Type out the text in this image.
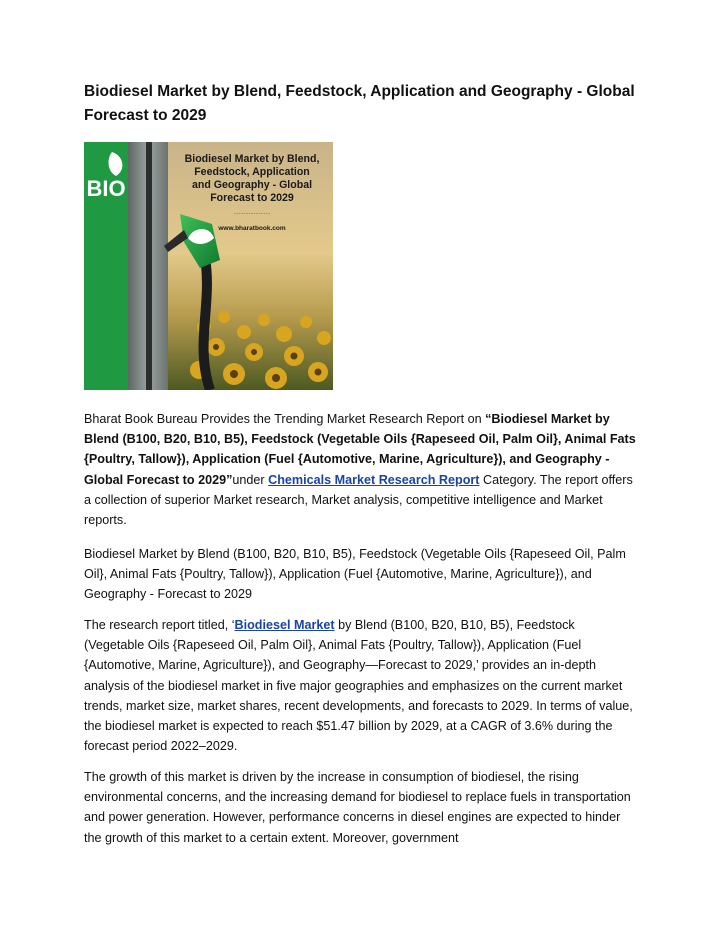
Biodiesel Market by Blend, Feedstock, Application and Geography - Global Forecast to 2029
Biodiesel Market by Blend,
Feedstock, Application
and Geography - Global
Forecast to 2029
......................
www.bharatbook.com
BIO

Bharat Book Bureau Provides the Trending Market Research Report on “Biodiesel Market by Blend (B100, B20, B10, B5), Feedstock (Vegetable Oils {Rapeseed Oil, Palm Oil}, Animal Fats {Poultry, Tallow}), Application (Fuel {Automotive, Marine, Agriculture}), and Geography - Global Forecast to 2029”under Chemicals Market Research Report Category. The report offers a collection of superior Market research, Market analysis, competitive intelligence and Market reports.

Biodiesel Market by Blend (B100, B20, B10, B5), Feedstock (Vegetable Oils {Rapeseed Oil, Palm Oil}, Animal Fats {Poultry, Tallow}), Application (Fuel {Automotive, Marine, Agriculture}), and Geography - Forecast to 2029

The research report titled, ‘Biodiesel Market by Blend (B100, B20, B10, B5), Feedstock (Vegetable Oils {Rapeseed Oil, Palm Oil}, Animal Fats {Poultry, Tallow}), Application (Fuel {Automotive, Marine, Agriculture}), and Geography—Forecast to 2029,’ provides an in-depth analysis of the biodiesel market in five major geographies and emphasizes on the current market trends, market size, market shares, recent developments, and forecasts to 2029. In terms of value, the biodiesel market is expected to reach $51.47 billion by 2029, at a CAGR of 3.6% during the forecast period 2022–2029.

The growth of this market is driven by the increase in consumption of biodiesel, the rising environmental concerns, and the increasing demand for biodiesel to replace fuels in transportation and power generation. However, performance concerns in diesel engines are expected to hinder the growth of this market to a certain extent. Moreover, government
